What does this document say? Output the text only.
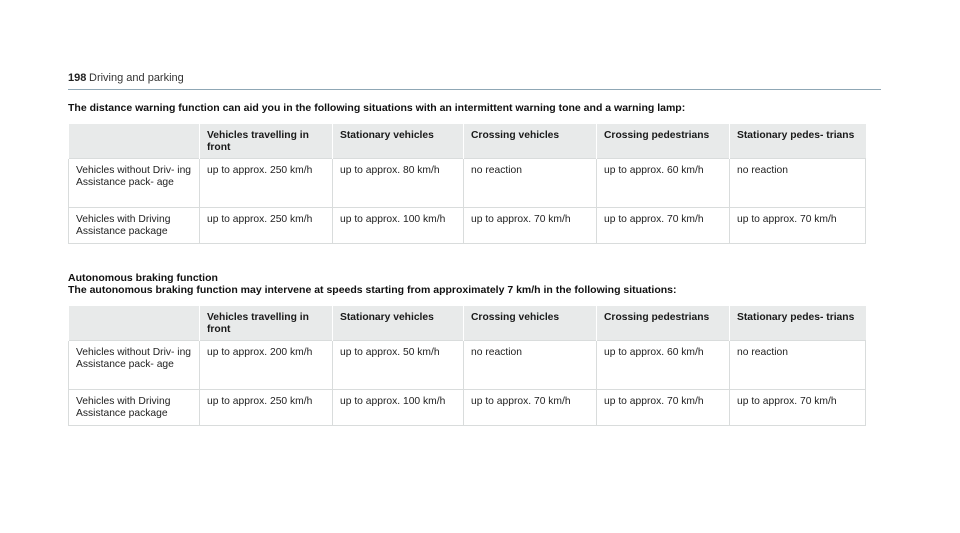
198 Driving and parking
The distance warning function can aid you in the following situations with an intermittent warning tone and a warning lamp:
	Vehicles travelling in front	Stationary vehicles	Crossing vehicles	Crossing pedestrians	Stationary pedes- trians
Vehicles without Driv- ing Assistance pack- age	up to approx. 250 km/h	up to approx. 80 km/h	no reaction	up to approx. 60 km/h	no reaction
Vehicles with Driving Assistance package	up to approx. 250 km/h	up to approx. 100 km/h	up to approx. 70 km/h	up to approx. 70 km/h	up to approx. 70 km/h
Autonomous braking function
The autonomous braking function may intervene at speeds starting from approximately 7 km/h in the following situations:
	Vehicles travelling in front	Stationary vehicles	Crossing vehicles	Crossing pedestrians	Stationary pedes- trians
Vehicles without Driv- ing Assistance pack- age	up to approx. 200 km/h	up to approx. 50 km/h	no reaction	up to approx. 60 km/h	no reaction
Vehicles with Driving Assistance package	up to approx. 250 km/h	up to approx. 100 km/h	up to approx. 70 km/h	up to approx. 70 km/h	up to approx. 70 km/h
